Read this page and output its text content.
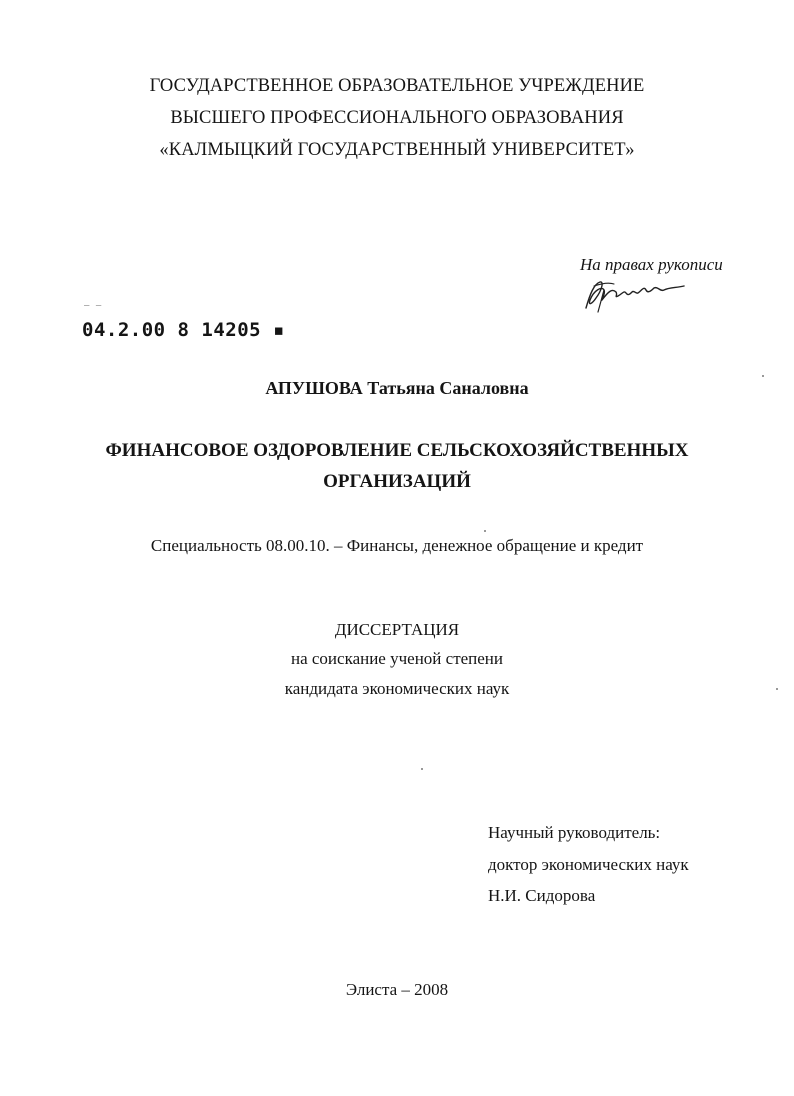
ГОСУДАРСТВЕННОЕ ОБРАЗОВАТЕЛЬНОЕ УЧРЕЖДЕНИЕ
ВЫСШЕГО ПРОФЕССИОНАЛЬНОГО ОБРАЗОВАНИЯ
«КАЛМЫЦКИЙ ГОСУДАРСТВЕННЫЙ УНИВЕРСИТЕТ»
На правах рукописи
‾ ‾
04.2.00 8 14205 ▪
АПУШОВА Татьяна Саналовна
ФИНАНСОВОЕ ОЗДОРОВЛЕНИЕ СЕЛЬСКОХОЗЯЙСТВЕННЫХ
ОРГАНИЗАЦИЙ
Специальность 08.00.10. – Финансы, денежное обращение и кредит
ДИССЕРТАЦИЯ
на соискание ученой степени
кандидата экономических наук
Научный руководитель:
доктор экономических наук
Н.И. Сидорова
Элиста – 2008
